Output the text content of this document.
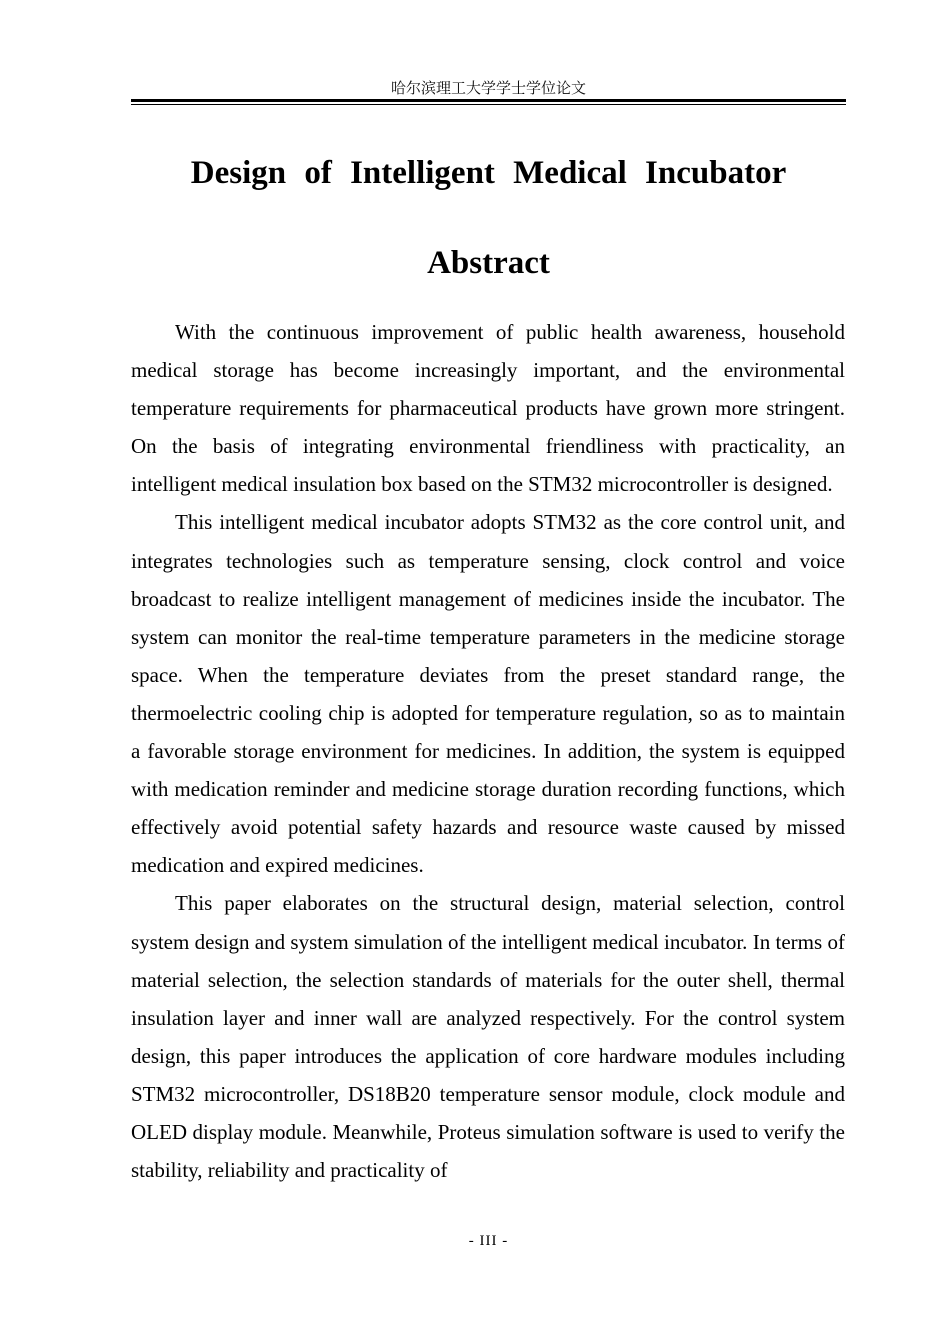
哈尔滨理工大学学士学位论文
Design of Intelligent Medical Incubator
Abstract

With the continuous improvement of public health awareness, household medical storage has become increasingly important, and the environmental temperature requirements for pharmaceutical products have grown more stringent. On the basis of integrating environmental friendliness with practicality, an intelligent medical insulation box based on the STM32 microcontroller is designed.

This intelligent medical incubator adopts STM32 as the core control unit, and integrates technologies such as temperature sensing, clock control and voice broadcast to realize intelligent management of medicines inside the incubator. The system can monitor the real-time temperature parameters in the medicine storage space. When the temperature deviates from the preset standard range, the thermoelectric cooling chip is adopted for temperature regulation, so as to maintain a favorable storage environment for medicines. In addition, the system is equipped with medication reminder and medicine storage duration recording functions, which effectively avoid potential safety hazards and resource waste caused by missed medication and expired medicines.

This paper elaborates on the structural design, material selection, control system design and system simulation of the intelligent medical incubator. In terms of material selection, the selection standards of materials for the outer shell, thermal insulation layer and inner wall are analyzed respectively. For the control system design, this paper introduces the application of core hardware modules including STM32 microcontroller, DS18B20 temperature sensor module, clock module and OLED display module. Meanwhile, Proteus simulation software is used to verify the stability, reliability and practicality of

- III -
